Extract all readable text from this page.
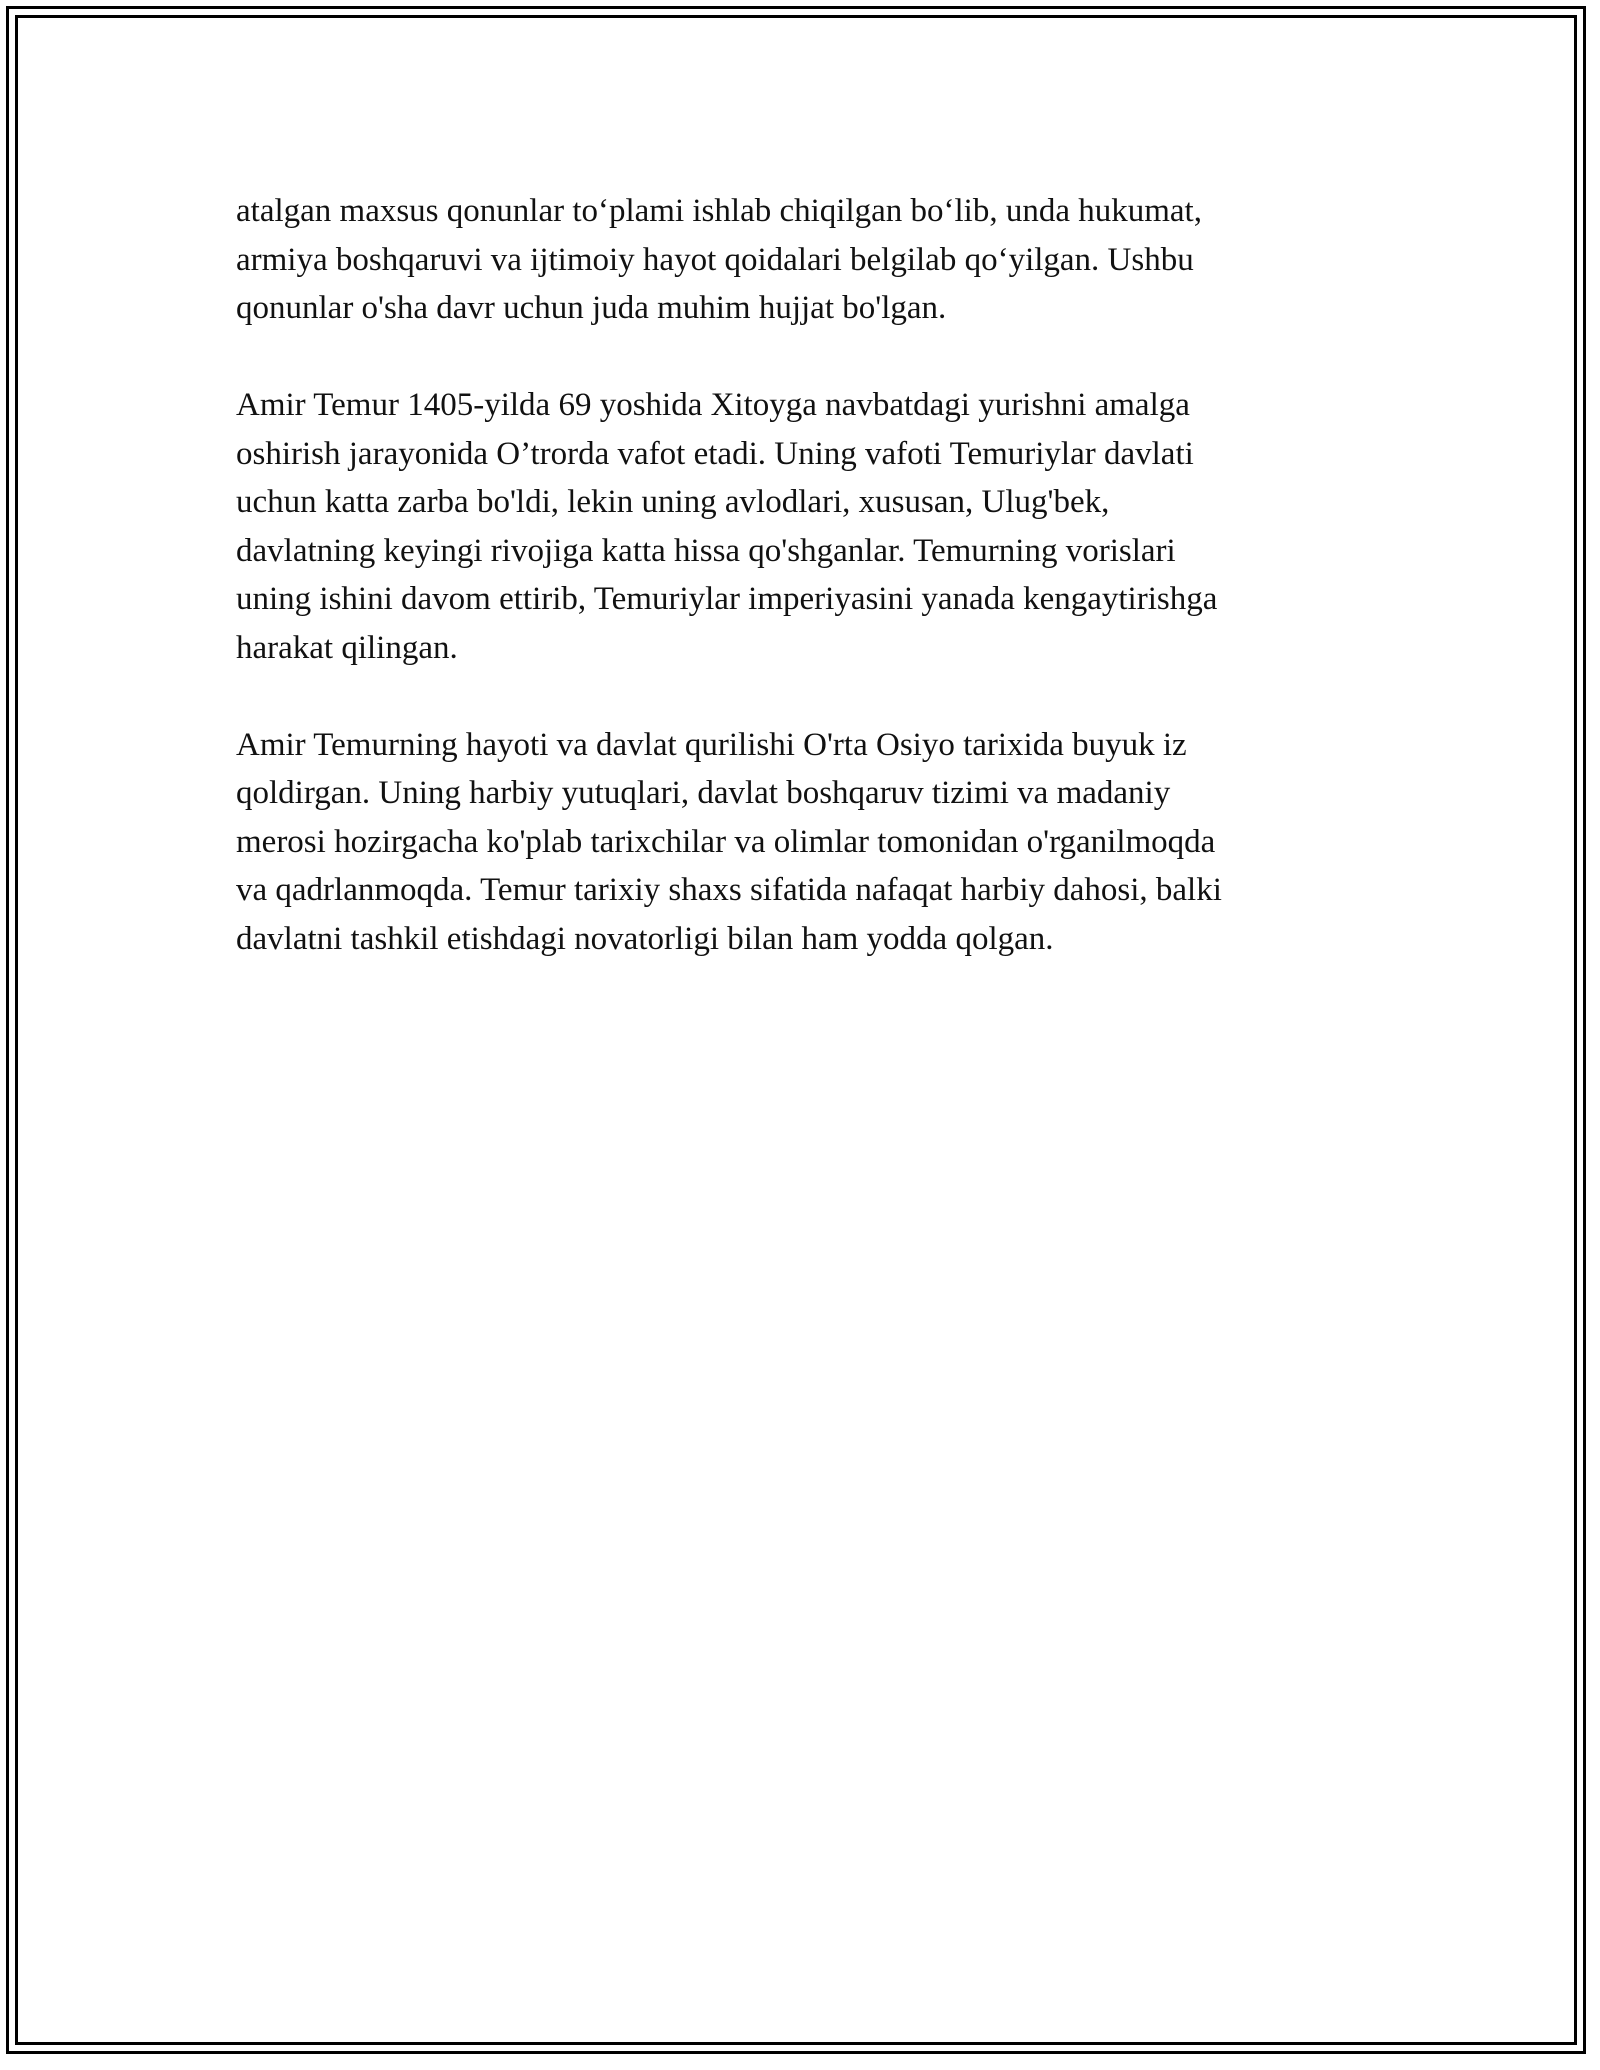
atalgan maxsus qonunlar to‘plami ishlab chiqilgan bo‘lib, unda hukumat,
armiya boshqaruvi va ijtimoiy hayot qoidalari belgilab qo‘yilgan. Ushbu
qonunlar o'sha davr uchun juda muhim hujjat bo'lgan.

Amir Temur 1405-yilda 69 yoshida Xitoyga navbatdagi yurishni amalga
oshirish jarayonida O’trorda vafot etadi. Uning vafoti Temuriylar davlati
uchun katta zarba bo'ldi, lekin uning avlodlari, xususan, Ulug'bek,
davlatning keyingi rivojiga katta hissa qo'shganlar. Temurning vorislari
uning ishini davom ettirib, Temuriylar imperiyasini yanada kengaytirishga
harakat qilingan.

Amir Temurning hayoti va davlat qurilishi O'rta Osiyo tarixida buyuk iz
qoldirgan. Uning harbiy yutuqlari, davlat boshqaruv tizimi va madaniy
merosi hozirgacha ko'plab tarixchilar va olimlar tomonidan o'rganilmoqda
va qadrlanmoqda. Temur tarixiy shaxs sifatida nafaqat harbiy dahosi, balki
davlatni tashkil etishdagi novatorligi bilan ham yodda qolgan.
